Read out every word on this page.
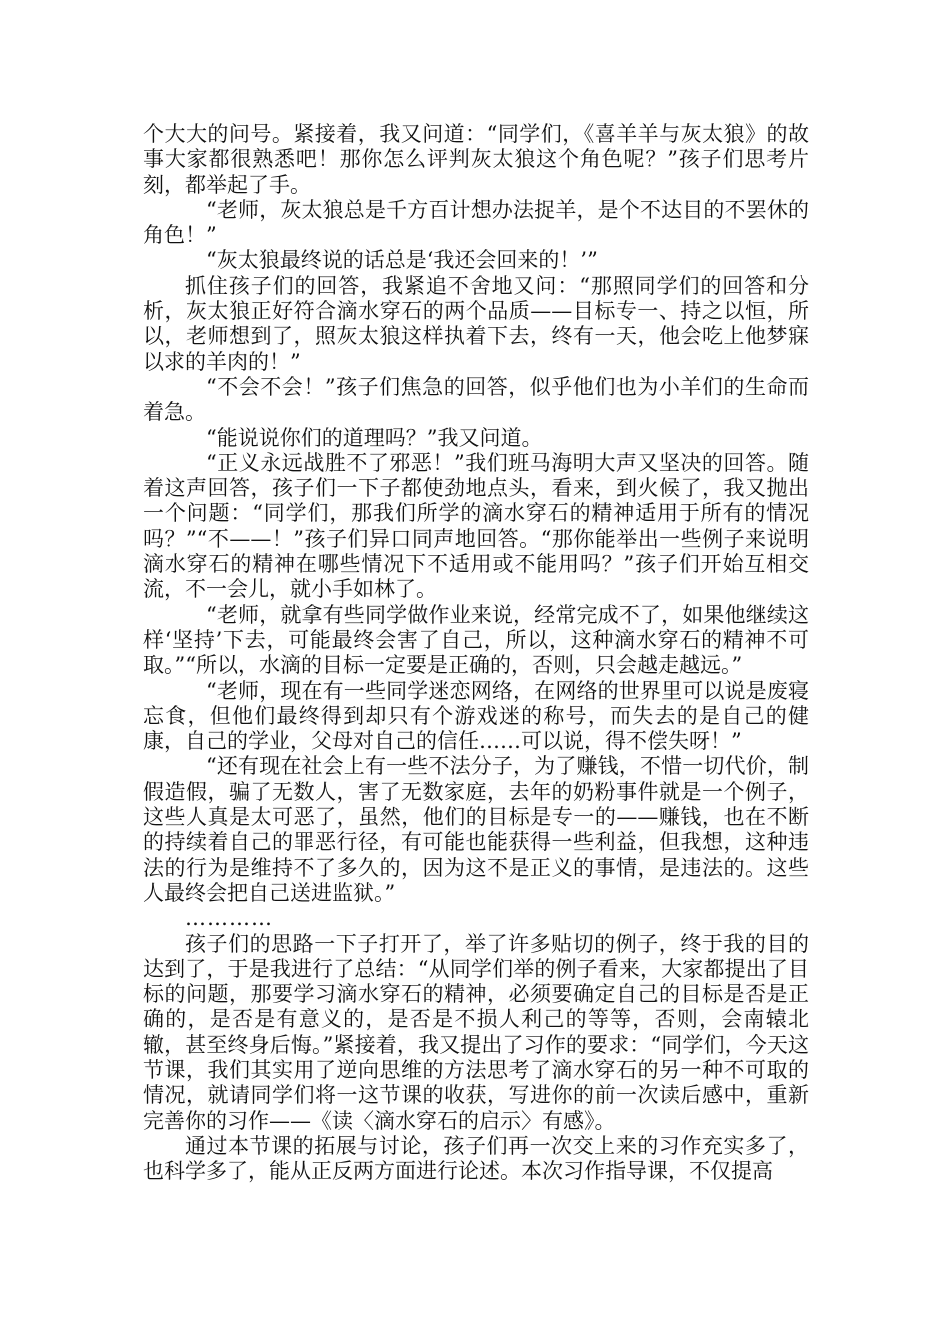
个大大的问号。紧接着，我又问道：“同学们，《喜羊羊与灰太狼》的故事大家都很熟悉吧！那你怎么评判灰太狼这个角色呢？”孩子们思考片刻，都举起了手。

“老师，灰太狼总是千方百计想办法捉羊，是个不达目的不罢休的角色！”

“灰太狼最终说的话总是‘我还会回来的！’”

抓住孩子们的回答，我紧追不舍地又问：“那照同学们的回答和分析，灰太狼正好符合滴水穿石的两个品质——目标专一、持之以恒，所以，老师想到了，照灰太狼这样执着下去，终有一天，他会吃上他梦寐以求的羊肉的！”

“不会不会！”孩子们焦急的回答，似乎他们也为小羊们的生命而着急。

“能说说你们的道理吗？”我又问道。

“正义永远战胜不了邪恶！”我们班马海明大声又坚决的回答。随着这声回答，孩子们一下子都使劲地点头，看来，到火候了，我又抛出一个问题：“同学们，那我们所学的滴水穿石的精神适用于所有的情况吗？”“不——！”孩子们异口同声地回答。“那你能举出一些例子来说明滴水穿石的精神在哪些情况下不适用或不能用吗？”孩子们开始互相交流，不一会儿，就小手如林了。

“老师，就拿有些同学做作业来说，经常完成不了，如果他继续这样‘坚持’下去，可能最终会害了自己，所以，这种滴水穿石的精神不可取。”“所以，水滴的目标一定要是正确的，否则，只会越走越远。”

“老师，现在有一些同学迷恋网络，在网络的世界里可以说是废寝忘食，但他们最终得到却只有个游戏迷的称号，而失去的是自己的健康，自己的学业，父母对自己的信任……可以说，得不偿失呀！”

“还有现在社会上有一些不法分子，为了赚钱，不惜一切代价，制假造假，骗了无数人，害了无数家庭，去年的奶粉事件就是一个例子，这些人真是太可恶了，虽然，他们的目标是专一的——赚钱，也在不断的持续着自己的罪恶行径，有可能也能获得一些利益，但我想，这种违法的行为是维持不了多久的，因为这不是正义的事情，是违法的。这些人最终会把自己送进监狱。”

…………

孩子们的思路一下子打开了，举了许多贴切的例子，终于我的目的达到了，于是我进行了总结：“从同学们举的例子看来，大家都提出了目标的问题，那要学习滴水穿石的精神，必须要确定自己的目标是否是正确的，是否是有意义的，是否是不损人利己的等等，否则，会南辕北辙，甚至终身后悔。”紧接着，我又提出了习作的要求：“同学们，今天这节课，我们其实用了逆向思维的方法思考了滴水穿石的另一种不可取的情况，就请同学们将一这节课的收获，写进你的前一次读后感中，重新完善你的习作——《读〈滴水穿石的启示〉有感》。

通过本节课的拓展与讨论，孩子们再一次交上来的习作充实多了，也科学多了，能从正反两方面进行论述。本次习作指导课，不仅提高
